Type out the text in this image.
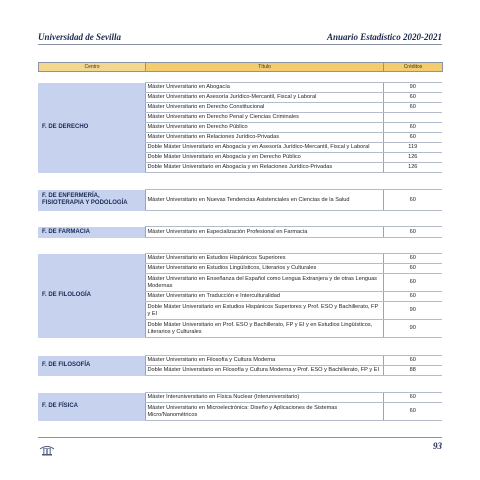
Universidad de Sevilla	Anuario Estadístico 2020-2021
Centro	Título	Créditos
F. DE DERECHO	Máster Universitario en Abogacía	90
	Máster Universitario en Asesoría Jurídico-Mercantil, Fiscal y Laboral	60
	Máster Universitario en Derecho Constitucional	60
	Máster Universitario en Derecho Penal y Ciencias Criminales	
	Máster Universitario en Derecho Público	60
	Máster Universitario en Relaciones Jurídico-Privadas	60
	Doble Máster Universitario en Abogacía y en Asesoría Jurídico-Mercantil, Fiscal y Laboral	119
	Doble Máster Universitario en Abogacía y en Derecho Público	126
	Doble Máster Universitario en Abogacía y en Relaciones Jurídico-Privadas	126
F. DE ENFERMERÍA, FISIOTERAPIA Y PODOLOGÍA	Máster Universitario en Nuevas Tendencias Asistenciales en Ciencias de la Salud	60
F. DE FARMACIA	Máster Universitario en Especialización Profesional en Farmacia	60
F. DE FILOLOGÍA	Máster Universitario en Estudios Hispánicos Superiores	60
	Máster Universitario en Estudios Lingüísticos, Literarios y Culturales	60
	Máster Universitario en Enseñanza del Español como Lengua Extranjera y de otras Lenguas Modernas	60
	Máster Universitario en Traducción e Interculturalidad	60
	Doble Máster Universitario en Estudios Hispánicos Superiores y Prof. ESO y Bachillerato, FP y EI	90
	Doble Máster Universitario en Prof. ESO y Bachillerato, FP y EI y en Estudios Lingüísticos, Literarios y Culturales	90
F. DE FILOSOFÍA	Máster Universitario en Filosofía y Cultura Moderna	60
	Doble Máster Universitario en Filosofía y Cultura Moderna y Prof. ESO y Bachillerato, FP y EI	88
F. DE FÍSICA	Máster Interuniversitario en Física Nuclear (Interuniversitario)	60
	Máster Universitario en Microelectrónica: Diseño y Aplicaciones de Sistemas Micro/Nanométricos	60
93
